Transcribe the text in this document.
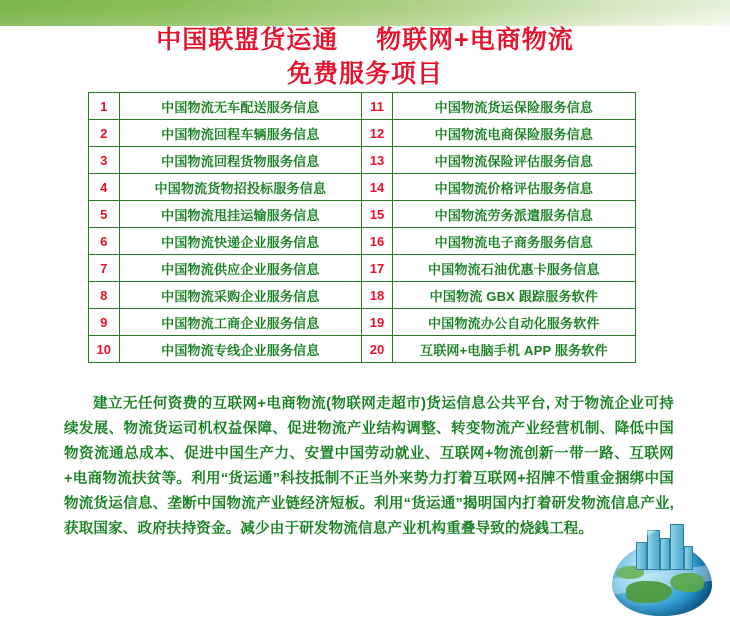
中国联盟货运通 物联网+电商物流
免费服务项目
1	中国物流无车配送服务信息	11	中国物流货运保险服务信息
2	中国物流回程车辆服务信息	12	中国物流电商保险服务信息
3	中国物流回程货物服务信息	13	中国物流保险评估服务信息
4	中国物流货物招投标服务信息	14	中国物流价格评估服务信息
5	中国物流甩挂运输服务信息	15	中国物流劳务派遣服务信息
6	中国物流快递企业服务信息	16	中国物流电子商务服务信息
7	中国物流供应企业服务信息	17	中国物流石油优惠卡服务信息
8	中国物流采购企业服务信息	18	中国物流 GBX 跟踪服务软件
9	中国物流工商企业服务信息	19	中国物流办公自动化服务软件
10	中国物流专线企业服务信息	20	互联网+电脑手机 APP 服务软件
建立无任何资费的互联网+电商物流(物联网走超市)货运信息公共平台, 对于物流企业可持续发展、物流货运司机权益保障、促进物流产业结构调整、转变物流产业经营机制、降低中国物资流通总成本、促进中国生产力、安置中国劳动就业、互联网+物流创新一带一路、互联网+电商物流扶贫等。利用“货运通”科技抵制不正当外来势力打着互联网+招牌不惜重金捆绑中国物流货运信息、垄断中国物流产业链经济短板。利用“货运通”揭明国内打着研发物流信息产业, 获取国家、政府扶持资金。减少由于研发物流信息产业机构重叠导致的烧銭工程。
